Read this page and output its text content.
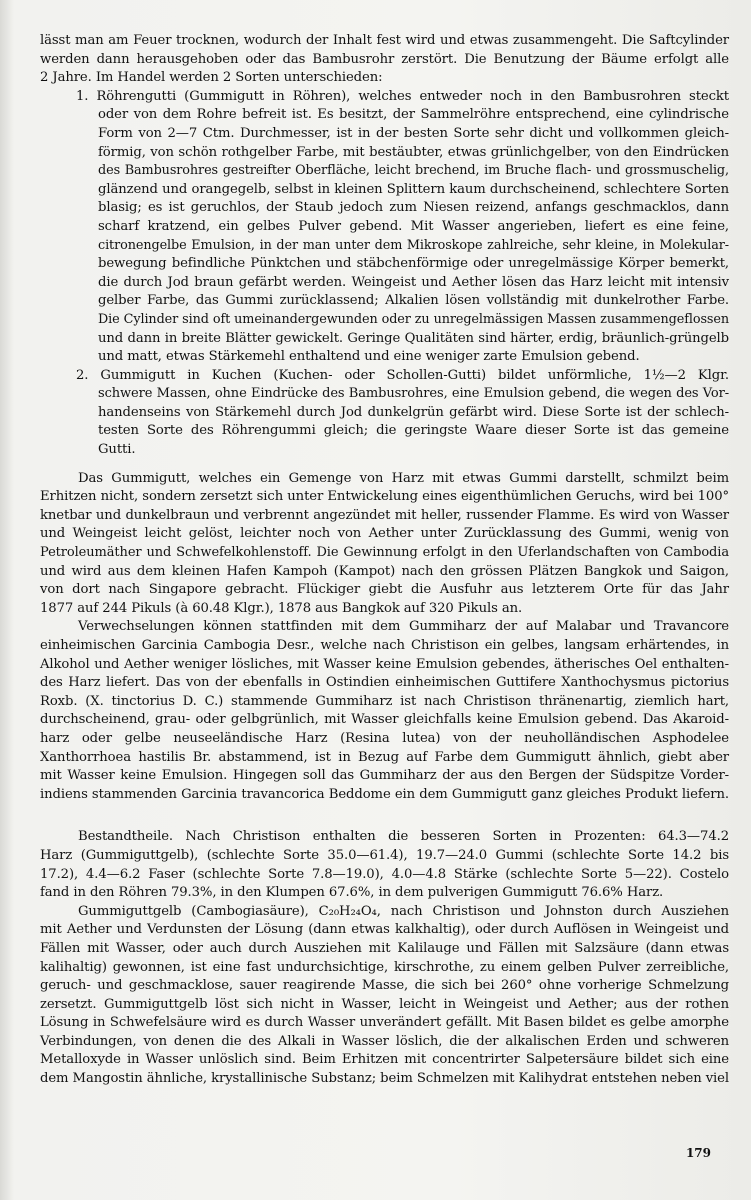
lässt man am Feuer trocknen, wodurch der Inhalt fest wird und etwas zusammengeht. Die Saftcylinder
werden dann herausgehoben oder das Bambusrohr zerstört. Die Benutzung der Bäume erfolgt alle
2 Jahre. Im Handel werden 2 Sorten unterschieden:
1. Röhrengutti (Gummigutt in Röhren), welches entweder noch in den Bambusrohren steckt
oder von dem Rohre befreit ist. Es besitzt, der Sammelröhre entsprechend, eine cylindrische
Form von 2—7 Ctm. Durchmesser, ist in der besten Sorte sehr dicht und vollkommen gleich-
förmig, von schön rothgelber Farbe, mit bestäubter, etwas grünlichgelber, von den Eindrücken
des Bambusrohres gestreifter Oberfläche, leicht brechend, im Bruche flach- und grossmuschelig,
glänzend und orangegelb, selbst in kleinen Splittern kaum durchscheinend, schlechtere Sorten
blasig; es ist geruchlos, der Staub jedoch zum Niesen reizend, anfangs geschmacklos, dann
scharf kratzend, ein gelbes Pulver gebend. Mit Wasser angerieben, liefert es eine feine,
citronengelbe Emulsion, in der man unter dem Mikroskope zahlreiche, sehr kleine, in Molekular-
bewegung befindliche Pünktchen und stäbchenförmige oder unregelmässige Körper bemerkt,
die durch Jod braun gefärbt werden. Weingeist und Aether lösen das Harz leicht mit intensiv
gelber Farbe, das Gummi zurücklassend; Alkalien lösen vollständig mit dunkelrother Farbe.
Die Cylinder sind oft umeinandergewunden oder zu unregelmässigen Massen zusammengeflossen
und dann in breite Blätter gewickelt. Geringe Qualitäten sind härter, erdig, bräunlich-grüngelb
und matt, etwas Stärkemehl enthaltend und eine weniger zarte Emulsion gebend.
2. Gummigutt in Kuchen (Kuchen- oder Schollen-Gutti) bildet unförmliche, 1½—2 Klgr.
schwere Massen, ohne Eindrücke des Bambusrohres, eine Emulsion gebend, die wegen des Vor-
handenseins von Stärkemehl durch Jod dunkelgrün gefärbt wird. Diese Sorte ist der schlech-
testen Sorte des Röhrengummi gleich; die geringste Waare dieser Sorte ist das gemeine
Gutti.
Das Gummigutt, welches ein Gemenge von Harz mit etwas Gummi darstellt, schmilzt beim
Erhitzen nicht, sondern zersetzt sich unter Entwickelung eines eigenthümlichen Geruchs, wird bei 100°
knetbar und dunkelbraun und verbrennt angezündet mit heller, russender Flamme. Es wird von Wasser
und Weingeist leicht gelöst, leichter noch von Aether unter Zurücklassung des Gummi, wenig von
Petroleumäther und Schwefelkohlenstoff. Die Gewinnung erfolgt in den Uferlandschaften von Cambodia
und wird aus dem kleinen Hafen Kampoh (Kampot) nach den grössen Plätzen Bangkok und Saigon,
von dort nach Singapore gebracht. Flückiger giebt die Ausfuhr aus letzterem Orte für das Jahr
1877 auf 244 Pikuls (à 60.48 Klgr.), 1878 aus Bangkok auf 320 Pikuls an.
Verwechselungen können stattfinden mit dem Gummiharz der auf Malabar und Travancore
einheimischen Garcinia Cambogia Desr., welche nach Christison ein gelbes, langsam erhärtendes, in
Alkohol und Aether weniger lösliches, mit Wasser keine Emulsion gebendes, ätherisches Oel enthalten-
des Harz liefert. Das von der ebenfalls in Ostindien einheimischen Guttifere Xanthochysmus pictorius
Roxb. (X. tinctorius D. C.) stammende Gummiharz ist nach Christison thränenartig, ziemlich hart,
durchscheinend, grau- oder gelbgrünlich, mit Wasser gleichfalls keine Emulsion gebend. Das Akaroid-
harz oder gelbe neuseeländische Harz (Resina lutea) von der neuholländischen Asphodelee
Xanthorrhoea hastilis Br. abstammend, ist in Bezug auf Farbe dem Gummigutt ähnlich, giebt aber
mit Wasser keine Emulsion. Hingegen soll das Gummiharz der aus den Bergen der Südspitze Vorder-
indiens stammenden Garcinia travancorica Beddome ein dem Gummigutt ganz gleiches Produkt liefern.
Bestandtheile. Nach Christison enthalten die besseren Sorten in Prozenten: 64.3—74.2
Harz (Gummiguttgelb), (schlechte Sorte 35.0—61.4), 19.7—24.0 Gummi (schlechte Sorte 14.2 bis
17.2), 4.4—6.2 Faser (schlechte Sorte 7.8—19.0), 4.0—4.8 Stärke (schlechte Sorte 5—22). Costelo
fand in den Röhren 79.3%, in den Klumpen 67.6%, in dem pulverigen Gummigutt 76.6% Harz.
Gummiguttgelb (Cambogiasäure), C₂₀H₂₄O₄, nach Christison und Johnston durch Ausziehen
mit Aether und Verdunsten der Lösung (dann etwas kalkhaltig), oder durch Auflösen in Weingeist und
Fällen mit Wasser, oder auch durch Ausziehen mit Kalilauge und Fällen mit Salzsäure (dann etwas
kalihaltig) gewonnen, ist eine fast undurchsichtige, kirschrothe, zu einem gelben Pulver zerreibliche,
geruch- und geschmacklose, sauer reagirende Masse, die sich bei 260° ohne vorherige Schmelzung
zersetzt. Gummiguttgelb löst sich nicht in Wasser, leicht in Weingeist und Aether; aus der rothen
Lösung in Schwefelsäure wird es durch Wasser unverändert gefällt. Mit Basen bildet es gelbe amorphe
Verbindungen, von denen die des Alkali in Wasser löslich, die der alkalischen Erden und schweren
Metalloxyde in Wasser unlöslich sind. Beim Erhitzen mit concentrirter Salpetersäure bildet sich eine
dem Mangostin ähnliche, krystallinische Substanz; beim Schmelzen mit Kalihydrat entstehen neben viel
179
